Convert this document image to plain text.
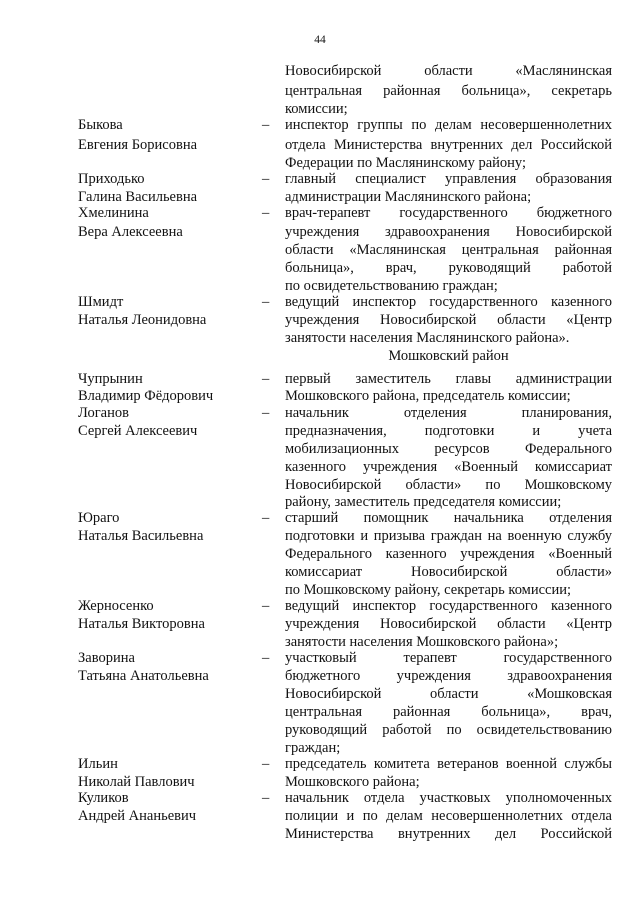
44
Новосибирской области «Маслянинская
центральная районная больница», секретарь
комиссии;
Быкова	– инспектор группы по делам несовершеннолетних
Евгения Борисовна	отдела Министерства внутренних дел Российской
Федерации по Маслянинскому району;
Приходько	– главный специалист управления образования
Галина Васильевна	администрации Маслянинского района;
Хмелинина	– врач-терапевт государственного бюджетного
Вера Алексеевна	учреждения здравоохранения Новосибирской
области «Маслянинская центральная районная
больница», врач, руководящий работой
по освидетельствованию граждан;
Шмидт	– ведущий инспектор государственного казенного
Наталья Леонидовна	учреждения Новосибирской области «Центр
занятости населения Маслянинского района».
Мошковский район
Чупрынин	– первый заместитель главы администрации
Владимир Фёдорович	Мошковского района, председатель комиссии;
Логанов	– начальник отделения планирования,
Сергей Алексеевич	предназначения, подготовки и учета
мобилизационных ресурсов Федерального
казенного учреждения «Военный комиссариат
Новосибирской области» по Мошковскому
району, заместитель председателя комиссии;
Юраго	– старший помощник начальника отделения
Наталья Васильевна	подготовки и призыва граждан на военную службу
Федерального казенного учреждения «Военный
комиссариат Новосибирской области»
по Мошковскому району, секретарь комиссии;
Жерносенко	– ведущий инспектор государственного казенного
Наталья Викторовна	учреждения Новосибирской области «Центр
занятости населения Мошковского района»;
Заворина	– участковый терапевт государственного
Татьяна Анатольевна	бюджетного учреждения здравоохранения
Новосибирской области «Мошковская
центральная районная больница», врач,
руководящий работой по освидетельствованию
граждан;
Ильин	– председатель комитета ветеранов военной службы
Николай Павлович	Мошковского района;
Куликов	– начальник отдела участковых уполномоченных
Андрей Ананьевич	полиции и по делам несовершеннолетних отдела
Министерства внутренних дел Российской
